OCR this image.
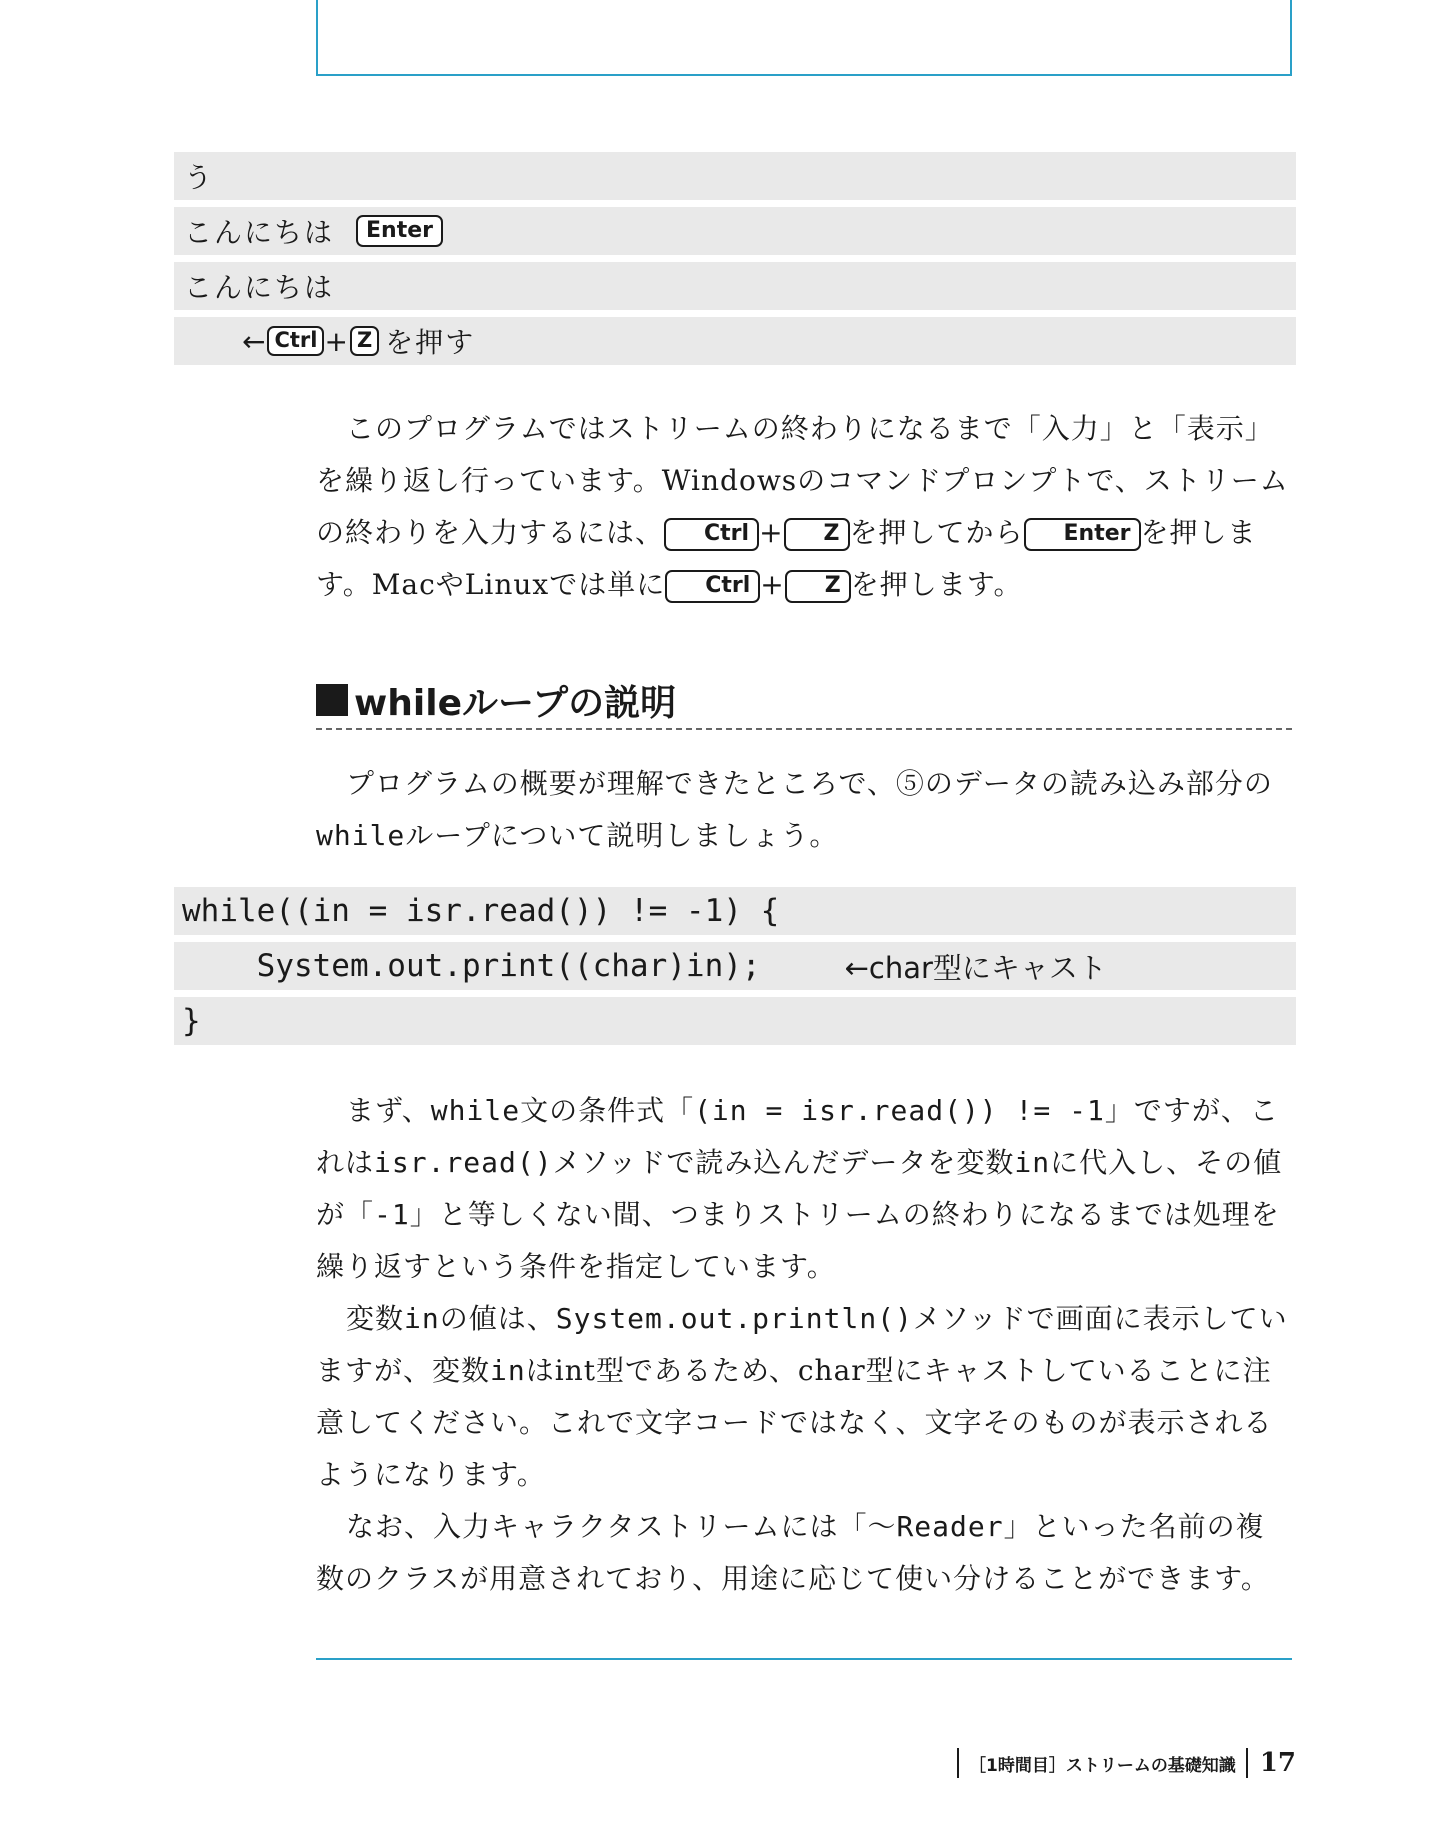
う
こんにちは	Enter
こんにちは
← Ctrl + Z を押す

このプログラムではストリームの終わりになるまで「入力」と「表示」を繰り返し行っています。Windowsのコマンドプロンプトで、ストリームの終わりを入力するには、 Ctrl + Z を押してから Enter を押します。MacやLinuxでは単に Ctrl + Z を押します。

whileループの説明

プログラムの概要が理解できたところで、⑤のデータの読み込み部分のwhileループについて説明しましょう。

while((in = isr.read()) != -1) {
System.out.print((char)in);	←char型にキャスト
}

まず、while文の条件式「(in = isr.read()) != -1」ですが、これはisr.read()メソッドで読み込んだデータを変数inに代入し、その値が「-1」と等しくない間、つまりストリームの終わりになるまでは処理を繰り返すという条件を指定しています。

変数inの値は、System.out.println()メソッドで画面に表示していますが、変数inはint型であるため、char型にキャストしていることに注意してください。これで文字コードではなく、文字そのものが表示されるようになります。

なお、入力キャラクタストリームには「〜Reader」といった名前の複数のクラスが用意されており、用途に応じて使い分けることができます。

［1時間目］ストリームの基礎知識 17
